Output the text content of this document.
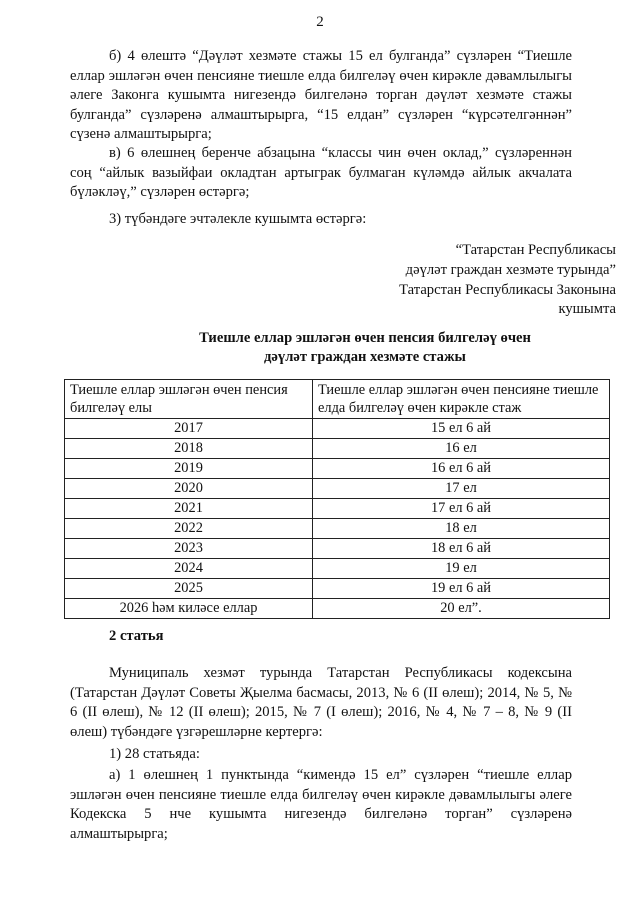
2

б) 4 өлештә “Дәүләт хезмәте стажы 15 ел булганда” сүзләрен “Тиешле еллар эшләгән өчен пенсияне тиешле елда билгеләү өчен кирәкле дәвамлылыгы әлеге Законга кушымта нигезендә билгеләнә торган дәүләт хезмәте стажы булганда” сүзләренә алмаштырырга, “15 елдан” сүзләрен “күрсәтелгәннән” сүзенә алмаштырырга;

в) 6 өлешнең беренче абзацына “классы чин өчен оклад,” сүзләреннән соң “айлык вазыйфаи окладтан артыграк булмаган күләмдә айлык акчалата бүләкләү,” сүзләрен өстәргә;

3) түбәндәге эчтәлекле кушымта өстәргә:

“Татарстан Республикасы
дәүләт граждан хезмәте турында”
Татарстан Республикасы Законына
кушымта
Тиешле еллар эшләгән өчен пенсия билгеләү өчен
дәүләт граждан хезмәте стажы
Тиешле еллар эшләгән өчен пенсия билгеләү елы	Тиешле еллар эшләгән өчен пенсияне тиешле елда билгеләү өчен кирәкле стаж
2017	15 ел 6 ай
2018	16 ел
2019	16 ел 6 ай
2020	17 ел
2021	17 ел 6 ай
2022	18 ел
2023	18 ел 6 ай
2024	19 ел
2025	19 ел 6 ай
2026 һәм киләсе еллар	20 ел”.
2 статья

Муниципаль хезмәт турында Татарстан Республикасы кодексына (Татарстан Дәүләт Советы Җыелма басмасы, 2013, № 6 (II өлеш); 2014, № 5, № 6 (II өлеш), № 12 (II өлеш); 2015, № 7 (I өлеш); 2016, № 4, № 7 – 8, № 9 (II өлеш) түбәндәге үзгәрешләрне кертергә:

1) 28 статьяда:

а) 1 өлешнең 1 пунктында “кимендә 15 ел” сүзләрен “тиешле еллар эшләгән өчен пенсияне тиешле елда билгеләү өчен кирәкле дәвамлылыгы әлеге Кодекска 5 нче кушымта нигезендә билгеләнә торган” сүзләренә алмаштырырга;
